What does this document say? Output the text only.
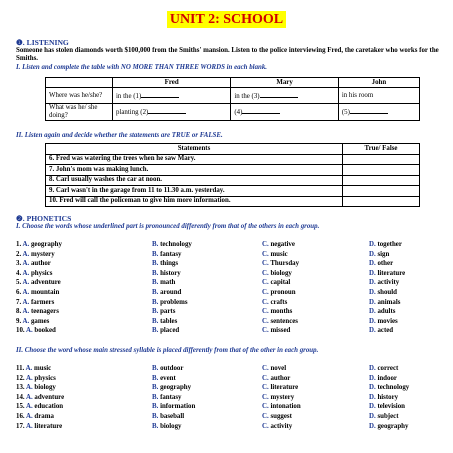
UNIT 2: SCHOOL
❶. LISTENING
Someone has stolen diamonds worth $100,000 from the Smiths' mansion. Listen to the police interviewing Fred, the caretaker who works for the Smiths.
I. Listen and complete the table with NO MORE THAN THREE WORDS in each blank.
	Fred	Mary	John
Where was he/she?	in the (1)	in the (3)	in his room
What was he/ she doing?	planting (2)	(4)	(5)
II. Listen again and decide whether the statements are TRUE or FALSE.
Statements	True/ False
6. Fred was watering the trees when he saw Mary.	
7. John's mom was making lunch.	
8. Carl usually washes the car at noon.	
9. Carl wasn't in the garage from 11 to 11.30 a.m. yesterday.	
10. Fred will call the policeman to give him more information.	
❷. PHONETICS
I. Choose the words whose underlined part is pronounced differently from that of the others in each group.
1. A. geography	B. technology	C. negative	D. together
2. A. mystery	B. fantasy	C. music	D. sign
3. A. author	B. things	C. Thursday	D. other
4. A. physics	B. history	C. biology	D. literature
5. A. adventure	B. math	C. capital	D. activity
6. A. mountain	B. around	C. pronoun	D. should
7. A. farmers	B. problems	C. crafts	D. animals
8. A. teenagers	B. parts	C. months	D. adults
9. A. games	B. tables	C. sentences	D. movies
10. A. booked	B. placed	C. missed	D. acted
II. Choose the word whose main stressed syllable is placed differently from that of the other in each group.
11. A. music	B. outdoor	C. novel	D. correct
12. A. physics	B. event	C. author	D. indoor
13. A. biology	B. geography	C. literature	D. technology
14. A. adventure	B. fantasy	C. mystery	D. history
15. A. education	B. information	C. intonation	D. television
16. A. drama	B. baseball	C. suggest	D. subject
17. A. literature	B. biology	C. activity	D. geography
